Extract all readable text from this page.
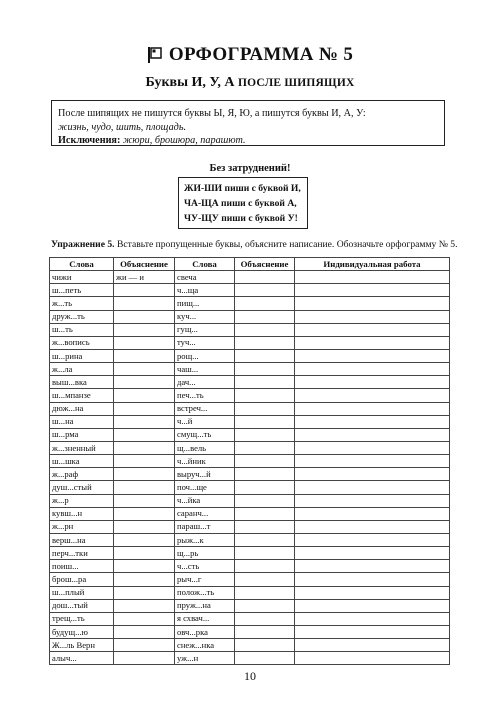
ОРФОГРАММА № 5
Буквы И, У, А ПОСЛЕ ШИПЯЩИХ
После шипящих не пишутся буквы Ы, Я, Ю, а пишутся буквы И, А, У:
жизнь, чудо, шить, площадь.
Исключения: жюри, брошюра, парашют.
Без затруднений!
ЖИ-ШИ пиши с буквой И,
ЧА-ЩА пиши с буквой А,
ЧУ-ЩУ пиши с буквой У!
Упражнение 5. Вставьте пропущенные буквы, объясните написание. Обозначьте орфограмму № 5.
Слова	Объяснение	Слова	Объяснение	Индивидуальная работа
чижи	жи — и	свеча		
ш...петь		ч...ща		
ж...ть		пищ...		
друж...ть		куч...		
ш...ть		гущ...		
ж...вопись		туч...		
ш...рина		рощ...		
ж...ла		чаш...		
выш...вка		дач...		
ш...мпанзе		печ...ть		
дюж...на		встреч...		
ш...на		ч...й		
ш...рма		смущ...ть		
ж...зненный		щ...вель		
ш...шка		ч...йник		
ж...раф		выруч...й		
душ...стый		поч...ще		
ж...р		ч...йка		
кувш...н		саранч...		
ж...рн		параш...т		
верш...на		рыж...к		
перч...тки		щ...рь		
поиш...		ч...сть		
брош...ра		рыч...г		
ш...плый		полож...ть		
дош...тый		пруж...на		
трещ...ть		я схвач...		
будущ...ю		овч...рка		
Ж...ль Верн		снеж...нка		
алыч...		уж...н		
10
